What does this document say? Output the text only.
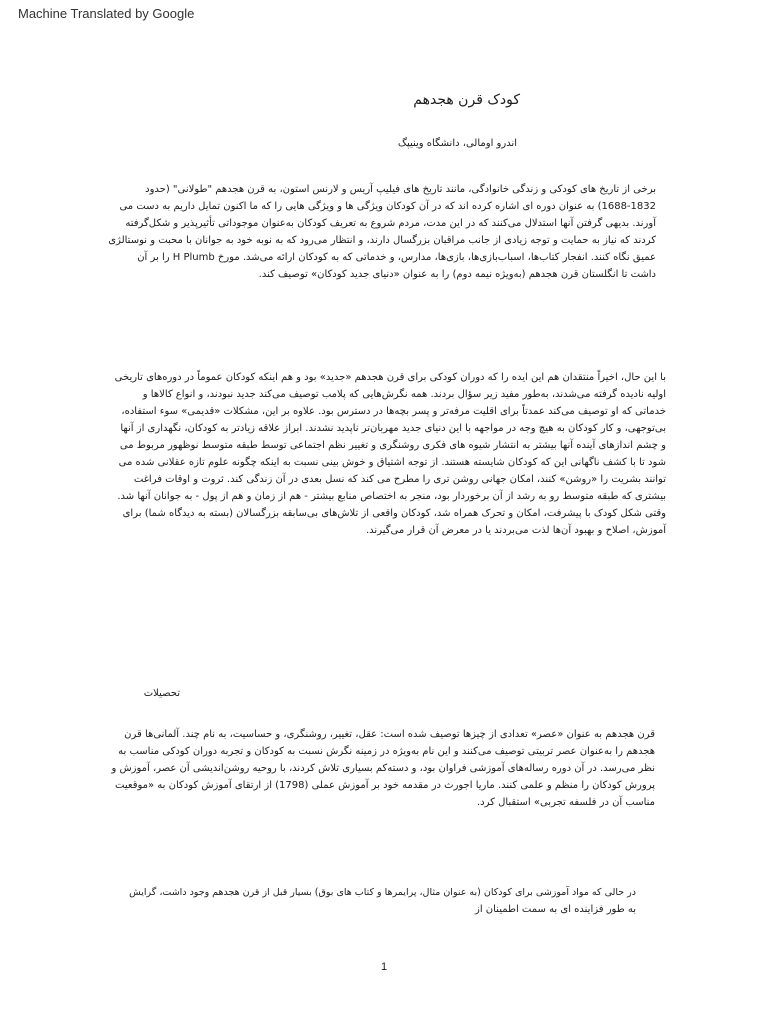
Machine Translated by Google
کودک قرن هجدهم
اندرو اومالی، دانشگاه وینیپگ
برخی از تاریخ های کودکی و زندگی خانوادگی، مانند تاریخ های فیلیپ آریس و لارنس استون، به قرن هجدهم "طولانی" (حدود
1688-1832) به عنوان دوره ای اشاره کرده اند که در آن کودکان ویژگی ها و ویژگی هایی را که ما اکنون تمایل داریم به دست می
آورند. بدیهی گرفتن آنها استدلال می‌کنند که در این مدت، مردم شروع به تعریف کودکان به‌عنوان موجوداتی تأثیرپذیر و شکل‌گرفته
کردند که نیاز به حمایت و توجه زیادی از جانب مراقبان بزرگسال دارند، و انتظار می‌رود که به نوبه خود به جوانان با محبت و نوستالژی
عمیق نگاه کنند. انفجار کتاب‌ها، اسباب‌بازی‌ها، بازی‌ها، مدارس، و خدماتی که به کودکان ارائه می‌شد. مورخ H Plumb را بر آن
داشت تا انگلستان قرن هجدهم (به‌ویژه نیمه دوم) را به عنوان «دنیای جدید کودکان» توصیف کند.
با این حال، اخیراً منتقدان هم این ایده را که دوران کودکی برای قرن هجدهم «جدید» بود و هم اینکه کودکان عموماً در دوره‌های تاریخی
اولیه نادیده گرفته می‌شدند، به‌طور مفید زیر سؤال بردند. همه نگرش‌هایی که پلامب توصیف می‌کند جدید نبودند، و انواع کالاها و
خدماتی که او توصیف می‌کند عمدتاً برای اقلیت مرفه‌تر و پسر بچه‌ها در دسترس بود. علاوه بر این، مشکلات «قدیمی» سوء استفاده،
بی‌توجهی، و کار کودکان به هیچ وجه در مواجهه با این دنیای جدید مهربان‌تر ناپدید نشدند. ابراز علاقه زیادتر به کودکان، نگهداری از آنها
و چشم اندازهای آینده آنها بیشتر به انتشار شیوه های فکری روشنگری و تغییر نظم اجتماعی توسط طبقه متوسط نوظهور مربوط می
شود تا با کشف ناگهانی این که کودکان شایسته هستند. از توجه اشتیاق و خوش بینی نسبت به اینکه چگونه علوم تازه عقلانی شده می
توانند بشریت را «روشن» کنند، امکان جهانی روشن تری را مطرح می کند که نسل بعدی در آن زندگی کند. ثروت و اوقات فراغت
بیشتری که طبقه متوسط رو به رشد از آن برخوردار بود، منجر به اختصاص منابع بیشتر - هم از زمان و هم از پول - به جوانان آنها شد.
وقتی شکل کودک با پیشرفت، امکان و تحرک همراه شد، کودکان واقعی از تلاش‌های بی‌سابقه بزرگسالان (بسته به دیدگاه شما) برای
آموزش، اصلاح و بهبود آن‌ها لذت می‌بردند یا در معرض آن قرار می‌گیرند.
تحصیلات
قرن هجدهم به عنوان «عصر» تعدادی از چیزها توصیف شده است: عقل، تغییر، روشنگری، و حساسیت، به نام چند. آلمانی‌ها قرن
هجدهم را به‌عنوان عصر تربیتی توصیف می‌کنند و این نام به‌ویژه در زمینه نگرش نسبت به کودکان و تجربه دوران کودکی مناسب به
نظر می‌رسد. در آن دوره رساله‌های آموزشی فراوان بود، و دسته‌کم بسیاری تلاش کردند، با روحیه روشن‌اندیشی آن عصر، آموزش و
پرورش کودکان را منظم و علمی کنند. ماریا اجورث در مقدمه خود بر آموزش عملی (1798) از ارتقای آموزش کودکان به «موقعیت
مناسب آن در فلسفه تجربی» استقبال کرد.
در حالی که مواد آموزشی برای کودکان (به عنوان مثال، پرایمرها و کتاب های بوق) بسیار قبل از قرن هجدهم وجود داشت، گرایش
به طور فزاینده ای به سمت اطمینان از
1
